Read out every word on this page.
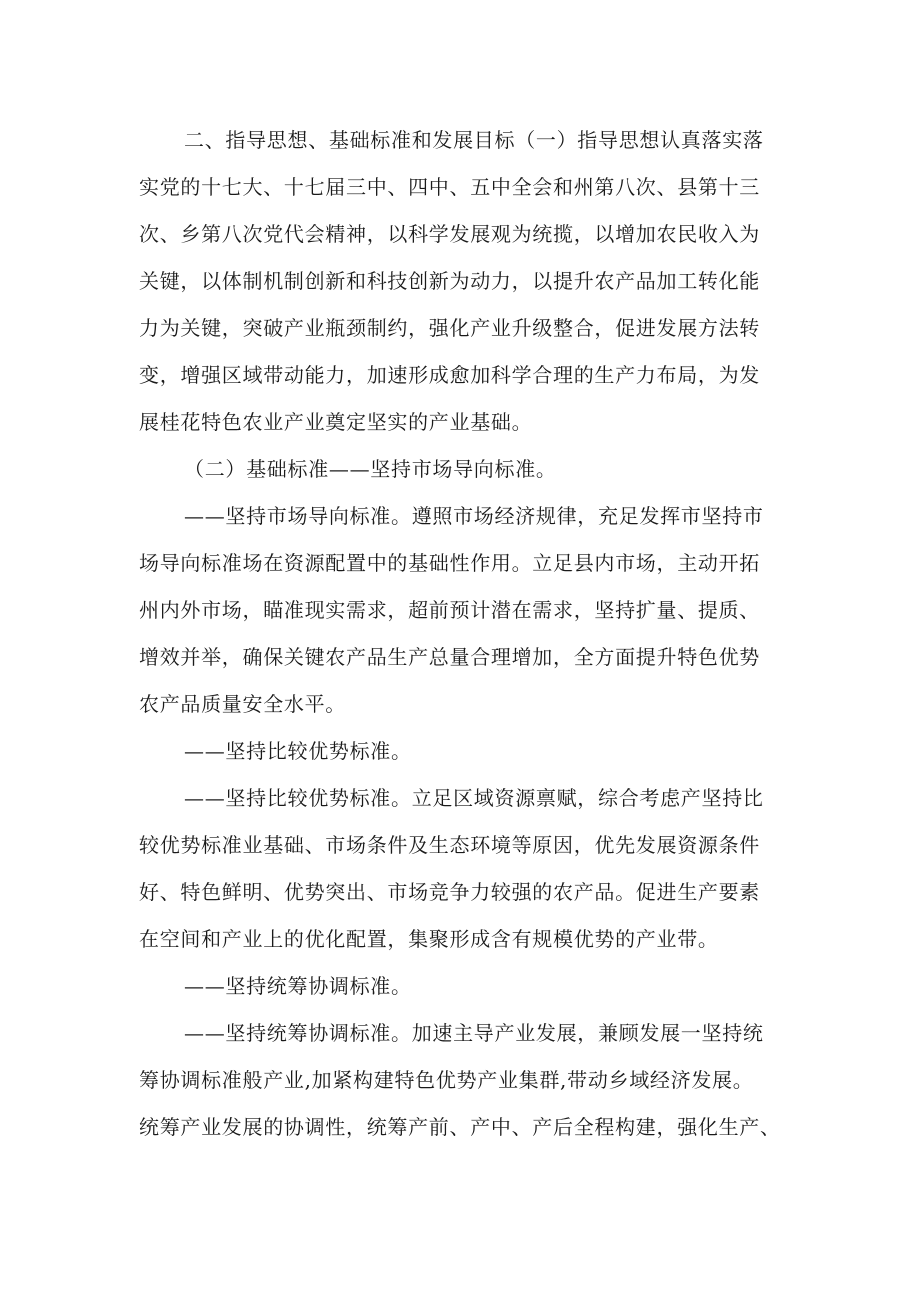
二、指导思想、基础标准和发展目标（一）指导思想认真落实落
实党的十七大、十七届三中、四中、五中全会和州第八次、县第十三
次、乡第八次党代会精神，以科学发展观为统揽，以增加农民收入为
关键，以体制机制创新和科技创新为动力，以提升农产品加工转化能
力为关键，突破产业瓶颈制约，强化产业升级整合，促进发展方法转
变，增强区域带动能力，加速形成愈加科学合理的生产力布局，为发
展桂花特色农业产业奠定坚实的产业基础。
（二）基础标准——坚持市场导向标准。
——坚持市场导向标准。遵照市场经济规律，充足发挥市坚持市
场导向标准场在资源配置中的基础性作用。立足县内市场，主动开拓
州内外市场，瞄准现实需求，超前预计潜在需求，坚持扩量、提质、
增效并举，确保关键农产品生产总量合理增加，全方面提升特色优势
农产品质量安全水平。
——坚持比较优势标准。
——坚持比较优势标准。立足区域资源禀赋，综合考虑产坚持比
较优势标准业基础、市场条件及生态环境等原因，优先发展资源条件
好、特色鲜明、优势突出、市场竞争力较强的农产品。促进生产要素
在空间和产业上的优化配置，集聚形成含有规模优势的产业带。
——坚持统筹协调标准。
——坚持统筹协调标准。加速主导产业发展，兼顾发展一坚持统
筹协调标准般产业,加紧构建特色优势产业集群,带动乡域经济发展。
统筹产业发展的协调性，统筹产前、产中、产后全程构建，强化生产、
